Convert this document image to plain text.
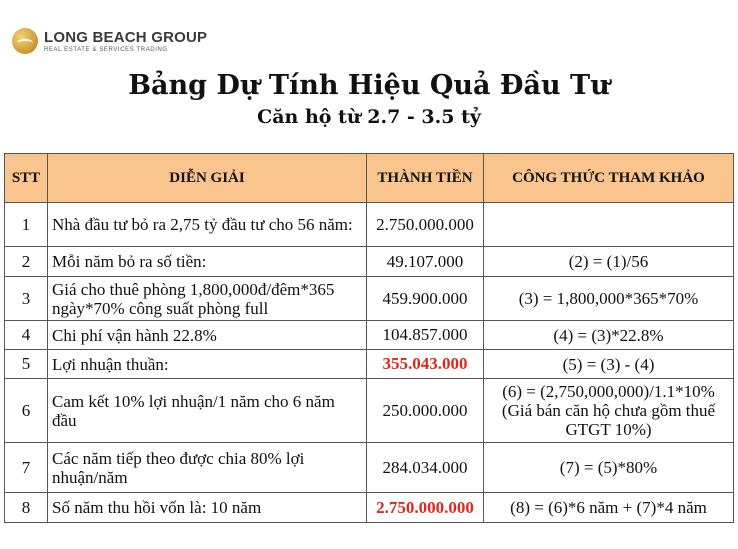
LONG BEACH GROUP
REAL ESTATE & SERVICES TRADING
Bảng Dự Tính Hiệu Quả Đầu Tư
Căn hộ từ 2.7 - 3.5 tỷ
STT	DIỄN GIẢI	THÀNH TIỀN	CÔNG THỨC THAM KHẢO
1	Nhà đầu tư bỏ ra 2,75 tỷ đầu tư cho 56 năm:	2.750.000.000	
2	Mỗi năm bỏ ra số tiền:	49.107.000	(2) = (1)/56
3	Giá cho thuê phòng 1,800,000đ/đêm*365 ngày*70% công suất phòng full	459.900.000	(3) = 1,800,000*365*70%
4	Chi phí vận hành 22.8%	104.857.000	(4) = (3)*22.8%
5	Lợi nhuận thuần:	355.043.000	(5) = (3) - (4)
6	Cam kết 10% lợi nhuận/1 năm cho 6 năm đầu	250.000.000	(6) = (2,750,000,000)/1.1*10% (Giá bán căn hộ chưa gồm thuế GTGT 10%)
7	Các năm tiếp theo được chia 80% lợi nhuận/năm	284.034.000	(7) = (5)*80%
8	Số năm thu hồi vốn là: 10 năm	2.750.000.000	(8) = (6)*6 năm + (7)*4 năm
